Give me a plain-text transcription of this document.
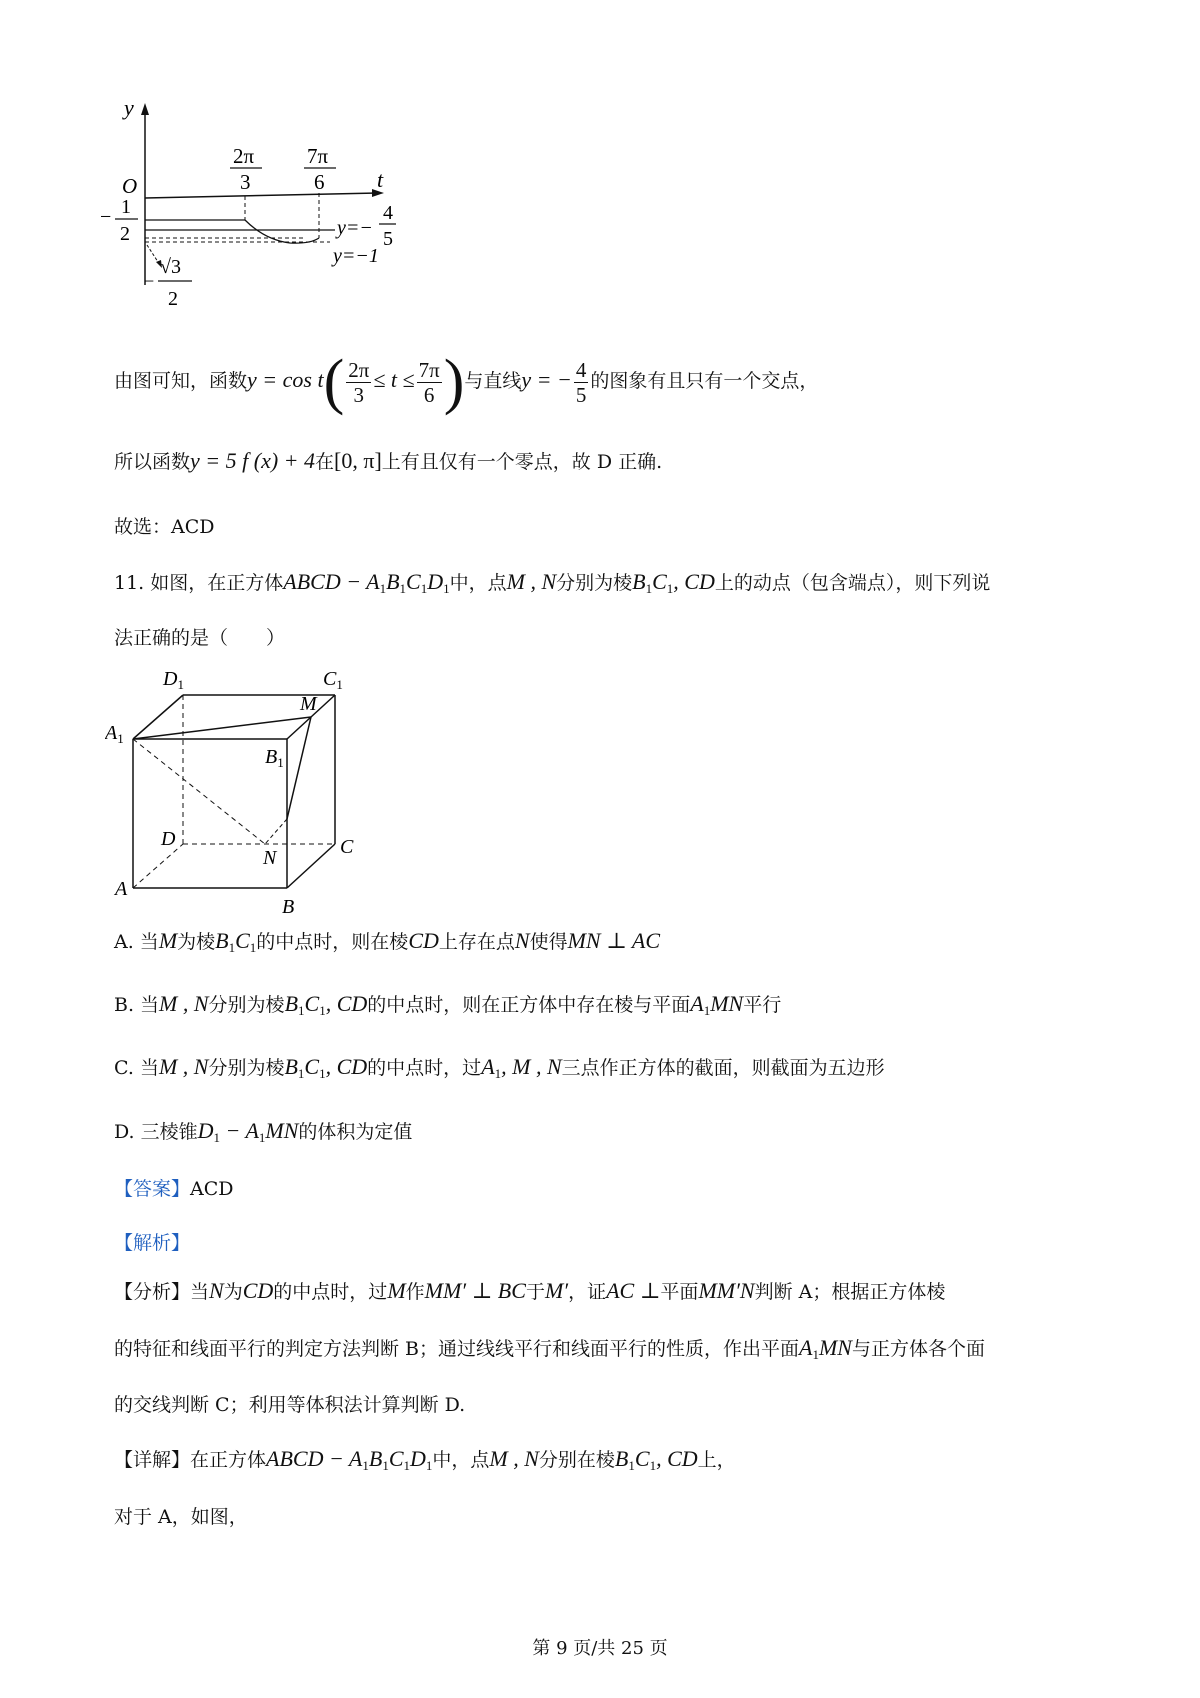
y
O	t
2π
3
7π
6
− 1
2	y=−
4
5
y=−1
−
√3
2
由图可知，函数$y = \cos t( \frac{2\pi}{3} \le t \le \frac{7\pi}{6}$ )与直线y = − $\frac{4}{5}$ 的图象有且只有一个交点，
所以函数y = 5 f (x) + 4在[0, π]上有且仅有一个零点，故 D 正确.
故选：ACD
11. 如图，在正方体ABCD − $A_1B_1C_1D_1$中，点M , N分别为棱$B_1C_1$, CD上的动点（包含端点），则下列说
法正确的是（　　）
$D_1$	$C_1$
$A_1$
$B_1$
M
D	C
N
A
B
A. 当M为棱$B_1C_1$的中点时，则在棱CD上存在点N使得MN ⊥ AC
B. 当M , N分别为棱$B_1C_1$, CD的中点时，则在正方体中存在棱与平面$A_1MN$平行
C. 当M , N分别为棱$B_1C_1$, CD的中点时，过$A_1$, M , N三点作正方体的截面，则截面为五边形
D. 三棱锥$D_1 - A_1MN$的体积为定值
【答案】ACD
【解析】
【分析】当N为CD的中点时，过M作MM′ ⊥ BC于M′，证AC ⊥平面MM′N判断 A；根据正方体棱
的特征和线面平行的判定方法判断 B；通过线线平行和线面平行的性质，作出平面$A_1MN$与正方体各个面
的交线判断 C；利用等体积法计算判断 D.
【详解】在正方体ABCD − $A_1B_1C_1D_1$中，点M , N分别在棱$B_1C_1$, CD上，
对于 A，如图，
第 9 页/共 25 页
